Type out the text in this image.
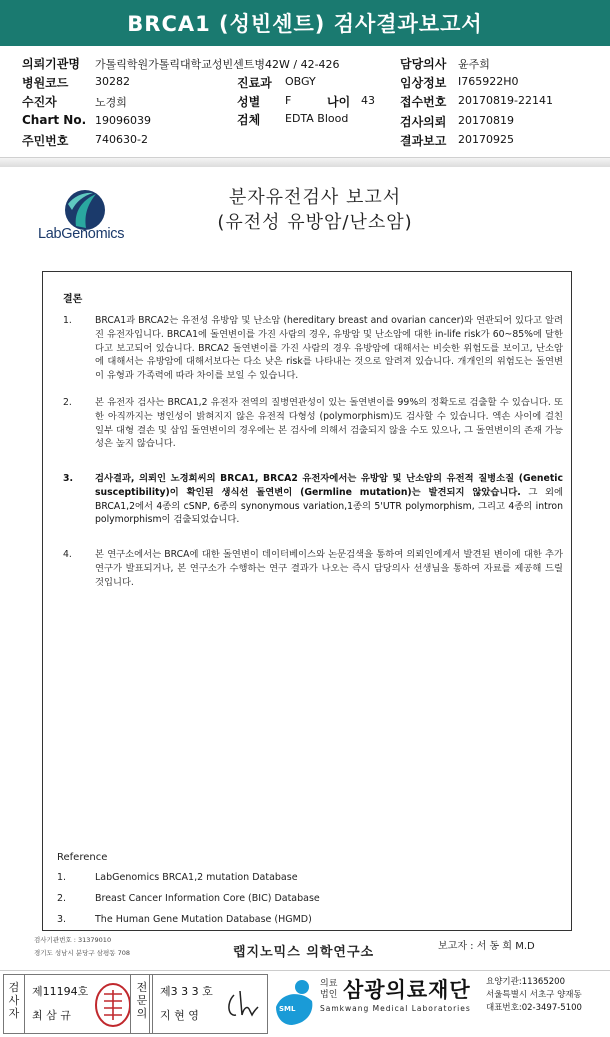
BRCA1 (성빈센트) 검사결과보고서
의뢰기관명 가톨릭학원가톨릭대학교성빈센트병42W / 42-426	담당의사 윤주희
병원코드 30282	진료과 OBGY	임상정보 I765922H0
수진자	노경희	성별 F	나이 43 접수번호 20170819-22141
Chart No. 19096039	검체 EDTA Blood	검사의뢰 20170819
주민번호 740630-2	결과보고 20170925
LabGenomics
분자유전검사 보고서
(유전성 유방암/난소암)
결론
1. BRCA1과 BRCA2는 유전성 유방암 및 난소암 (hereditary breast and ovarian cancer)와 연관되어 있다고 알려진 유전자입니다. BRCA1에 돌연변이를 가진 사람의 경우, 유방암 및 난소암에 대한 in-life risk가 60~85%에 달한다고 보고되어 있습니다. BRCA2 돌연변이를 가진 사람의 경우 유방암에 대해서는 비슷한 위험도를 보이고, 난소암에 대해서는 유방암에 대해서보다는 다소 낮은 risk를 나타내는 것으로 알려져 있습니다. 개개인의 위험도는 돌연변이 유형과 가족력에 따라 차이를 보일 수 있습니다.
2. 본 유전자 검사는 BRCA1,2 유전자 전역의 질병연관성이 있는 돌연변이를 99%의 정확도로 검출할 수 있습니다. 또한 아직까지는 병인성이 밝혀지지 않은 유전적 다형성 (polymorphism)도 검사할 수 있습니다. 엑손 사이에 걸친 일부 대형 결손 및 삽입 돌연변이의 경우에는 본 검사에 의해서 검출되지 않을 수도 있으나, 그 돌연변이의 존재 가능성은 높지 않습니다.
3. 검사결과, 의뢰인 노경희씨의 BRCA1, BRCA2 유전자에서는 유방암 및 난소암의 유전적 질병소질 (Genetic susceptibility)이 확인된 생식선 돌연변이 (Germline mutation)는 발견되지 않았습니다. 그 외에 BRCA1,2에서 4종의 cSNP, 6종의 synonymous variation,1종의 5'UTR polymorphism, 그리고 4종의 intron polymorphism이 검출되었습니다.
4. 본 연구소에서는 BRCA에 대한 돌연변이 데이터베이스와 논문검색을 통하여 의뢰인에게서 발견된 변이에 대한 추가 연구가 발표되거나, 본 연구소가 수행하는 연구 결과가 나오는 즉시 담당의사 선생님을 통하여 자료를 제공해 드릴 것입니다.
Reference
1.	LabGenomics BRCA1,2 mutation Database
2.	Breast Cancer Information Core (BIC) Database
3.	The Human Gene Mutation Database (HGMD)
검사기관번호 : 31379010
경기도 성남시 분당구 삼평동 708	랩지노믹스 의학연구소	보고자 : 서 동 희 M.D
검사자
제11194호
최 삼 규
전문의
제3 3 3 호
지 현 영	SML
의료
법인 삼광의료재단
Samkwang Medical Laboratories
요양기관:11365200
서울특별시 서초구 양재동
대표번호:02-3497-5100
